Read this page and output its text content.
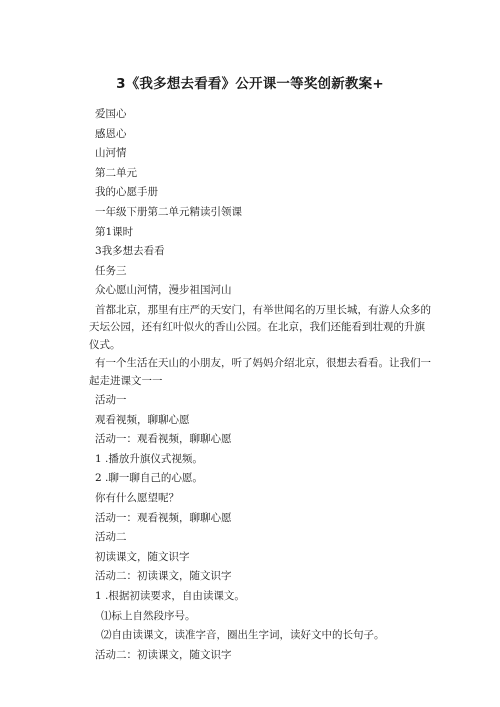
3《我多想去看看》公开课一等奖创新教案+
爱国心
感恩心
山河情
第二单元
我的心愿手册
一年级下册第二单元精读引领课
第1课时
3我多想去看看
任务三
众心愿山河情，漫步祖国河山
首都北京，那里有庄严的天安门，有举世闻名的万里长城，有游人众多的天坛公园，还有红叶似火的香山公园。在北京，我们还能看到壮观的升旗仪式。
有一个生活在天山的小朋友，听了妈妈介绍北京，很想去看看。让我们一起走进课文一一
活动一
观看视频，聊聊心愿
活动一：观看视频，聊聊心愿
1 .播放升旗仪式视频。
2 .聊一聊自己的心愿。
你有什么愿望呢？
活动一：观看视频，聊聊心愿
活动二
初读课文，随文识字
活动二：初读课文，随文识字
1 .根据初读要求，自由读课文。
⑴标上自然段序号。
⑵自由读课文，读准字音，圈出生字词，读好文中的长句子。
活动二：初读课文，随文识字
